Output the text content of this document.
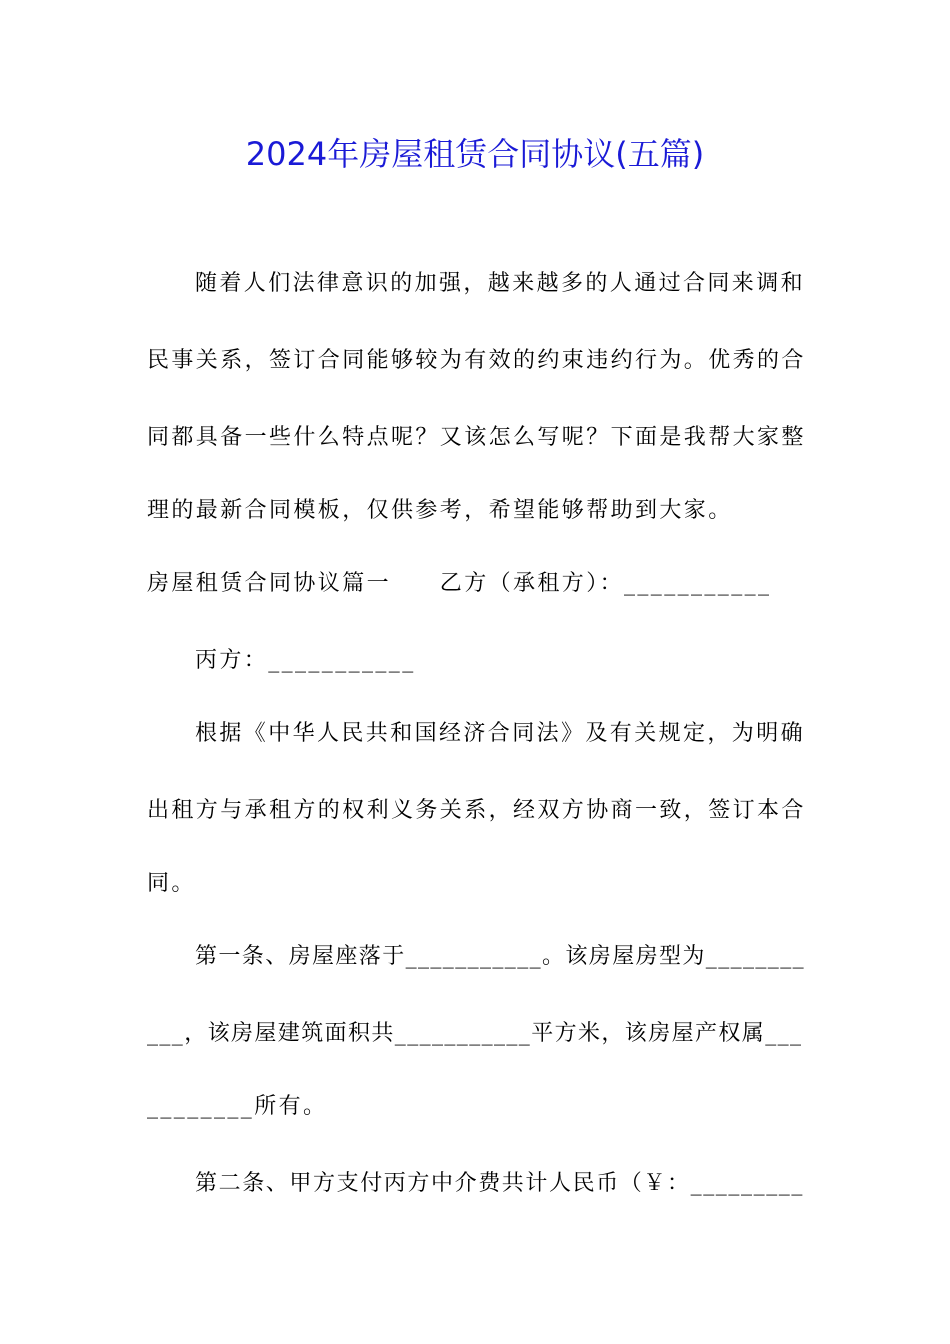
2024年房屋租赁合同协议(五篇)
随着人们法律意识的加强，越来越多的人通过合同来调和
民事关系，签订合同能够较为有效的约束违约行为。优秀的合
同都具备一些什么特点呢？又该怎么写呢？下面是我帮大家整
理的最新合同模板，仅供参考，希望能够帮助到大家。
房屋租赁合同协议篇一　　乙方（承租方）：___________
丙方：___________
根据《中华人民共和国经济合同法》及有关规定，为明确
出租方与承租方的权利义务关系，经双方协商一致，签订本合
同。
第一条、房屋座落于___________。该房屋房型为________
___，该房屋建筑面积共___________平方米，该房屋产权属___
________所有。
第二条、甲方支付丙方中介费共计人民币（￥：_________
